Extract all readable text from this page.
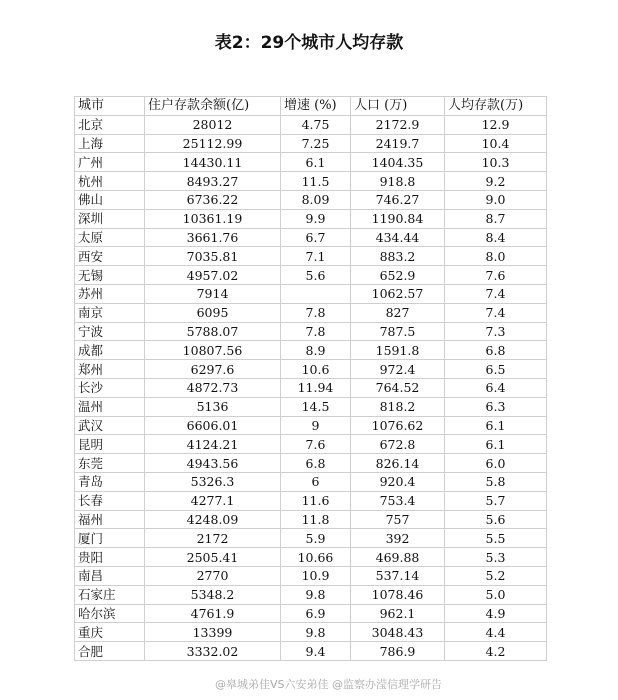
表2：29个城市人均存款
城市	住户存款余额(亿)	增速 (%)	人口 (万)	人均存款(万)
北京	28012	4.75	2172.9	12.9
上海	25112.99	7.25	2419.7	10.4
广州	14430.11	6.1	1404.35	10.3
杭州	8493.27	11.5	918.8	9.2
佛山	6736.22	8.09	746.27	9.0
深圳	10361.19	9.9	1190.84	8.7
太原	3661.76	6.7	434.44	8.4
西安	7035.81	7.1	883.2	8.0
无锡	4957.02	5.6	652.9	7.6
苏州	7914		1062.57	7.4
南京	6095	7.8	827	7.4
宁波	5788.07	7.8	787.5	7.3
成都	10807.56	8.9	1591.8	6.8
郑州	6297.6	10.6	972.4	6.5
长沙	4872.73	11.94	764.52	6.4
温州	5136	14.5	818.2	6.3
武汉	6606.01	9	1076.62	6.1
昆明	4124.21	7.6	672.8	6.1
东莞	4943.56	6.8	826.14	6.0
青岛	5326.3	6	920.4	5.8
长春	4277.1	11.6	753.4	5.7
福州	4248.09	11.8	757	5.6
厦门	2172	5.9	392	5.5
贵阳	2505.41	10.66	469.88	5.3
南昌	2770	10.9	537.14	5.2
石家庄	5348.2	9.8	1078.46	5.0
哈尔滨	4761.9	6.9	962.1	4.9
重庆	13399	9.8	3048.43	4.4
合肥	3332.02	9.4	786.9	4.2
@皋城弟佳VS六安弟佳 @监察办滢信理学研告
